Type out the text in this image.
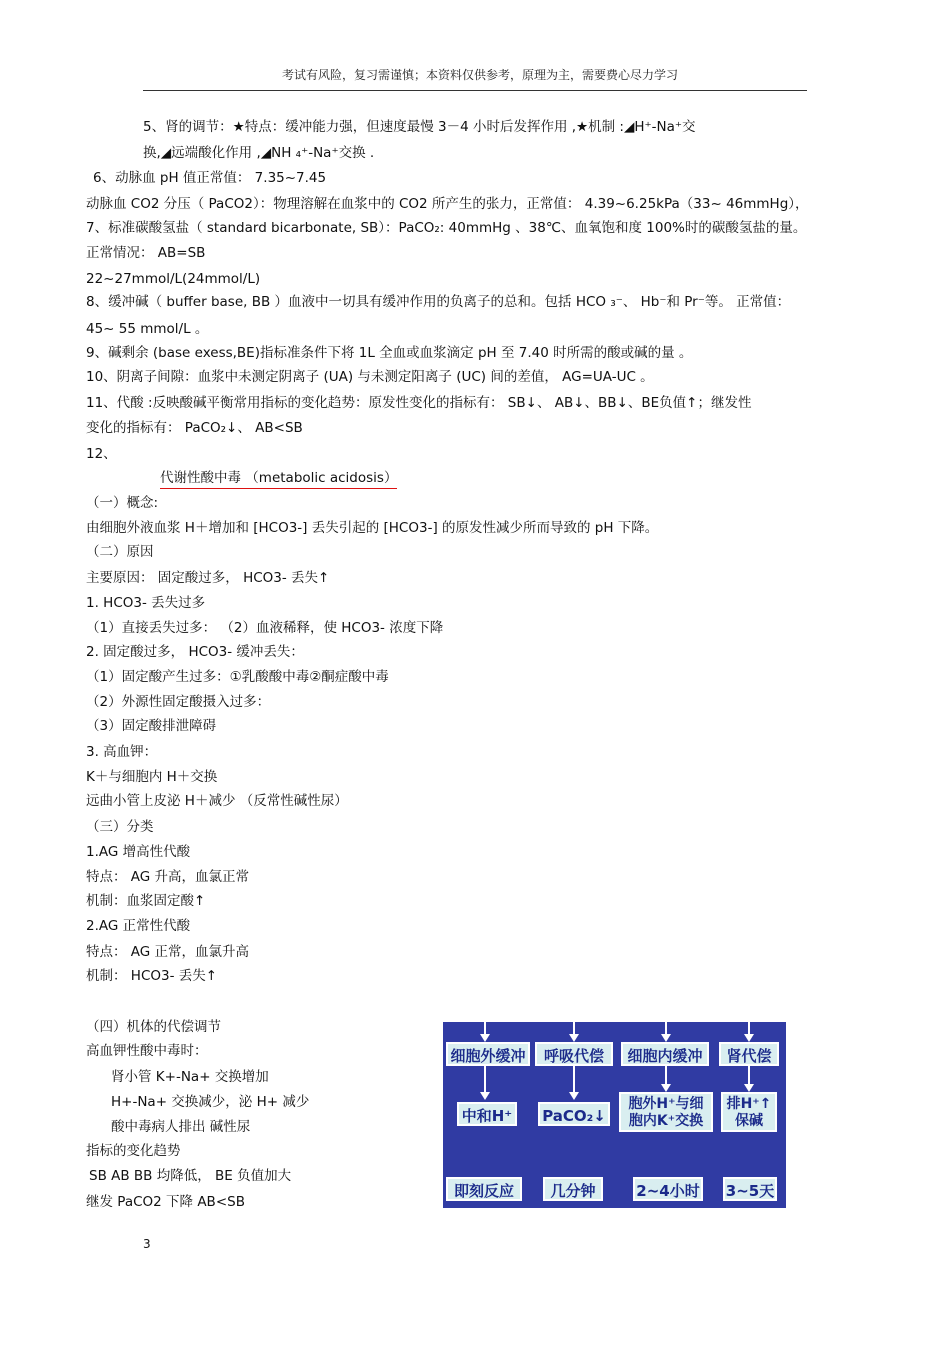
考试有风险，复习需谨慎；本资料仅供参考，原理为主，需要费心尽力学习
5、肾的调节：★特点：缓冲能力强，但速度最慢 3－4 小时后发挥作用 ,★机制 :◢H⁺-Na⁺交
换,◢远端酸化作用 ,◢NH ₄⁺-Na⁺交换 .
6、动脉血 pH 值正常值： 7.35~7.45
动脉血 CO2 分压（ PaCO2）：物理溶解在血浆中的 CO2 所产生的张力，正常值： 4.39~6.25kPa（33~ 46mmHg），
7、标准碳酸氢盐（ standard bicarbonate, SB）：PaCO₂: 40mmHg 、38℃、血氧饱和度 100%时的碳酸氢盐的量。
正常情况： AB=SB
22~27mmol/L(24mmol/L)
8、缓冲碱（ buffer base, BB ）血液中一切具有缓冲作用的负离子的总和。包括 HCO ₃⁻、 Hb⁻和 Pr⁻等。 正常值：
45~ 55 mmol/L 。
9、碱剩余 (base exess,BE)指标准条件下将 1L 全血或血浆滴定 pH 至 7.40 时所需的酸或碱的量 。
10、阴离子间隙：血浆中未测定阴离子 (UA) 与未测定阳离子 (UC) 间的差值， AG=UA-UC 。
11、代酸 :反映酸碱平衡常用指标的变化趋势：原发性变化的指标有： SB↓、 AB↓、BB↓、BE负值↑；继发性
变化的指标有： PaCO₂↓、 AB<SB
12、
代谢性酸中毒 （metabolic acidosis）
（一）概念:
由细胞外液血浆 H＋增加和 [HCO3-] 丢失引起的 [HCO3-] 的原发性减少所而导致的 pH 下降。
（二）原因
主要原因： 固定酸过多， HCO3- 丢失↑
1. HCO3- 丢失过多
（1）直接丢失过多： （2）血液稀释，使 HCO3- 浓度下降
2. 固定酸过多， HCO3- 缓冲丢失：
（1）固定酸产生过多：①乳酸酸中毒②酮症酸中毒
（2）外源性固定酸摄入过多：
（3）固定酸排泄障碍
3. 高血钾：
K＋与细胞内 H＋交换
远曲小管上皮泌 H＋减少 （反常性碱性尿）
（三）分类
1.AG 增高性代酸
特点： AG 升高，血氯正常
机制：血浆固定酸↑
2.AG 正常性代酸
特点： AG 正常，血氯升高
机制： HCO3- 丢失↑
（四）机体的代偿调节
高血钾性酸中毒时：
肾小管 K+-Na+ 交换增加
H+-Na+ 交换减少，泌 H+ 减少
酸中毒病人排出 碱性尿
指标的变化趋势
SB AB BB 均降低， BE 负值加大
继发 PaCO2 下降 AB<SB
细胞外缓冲
中和H⁺
即刻反应
呼吸代偿
PaCO₂↓
几分钟
细胞内缓冲
胞外H⁺与细
胞内K⁺交换
2~4小时
肾代偿
排H⁺↑
保碱
3~5天
3
